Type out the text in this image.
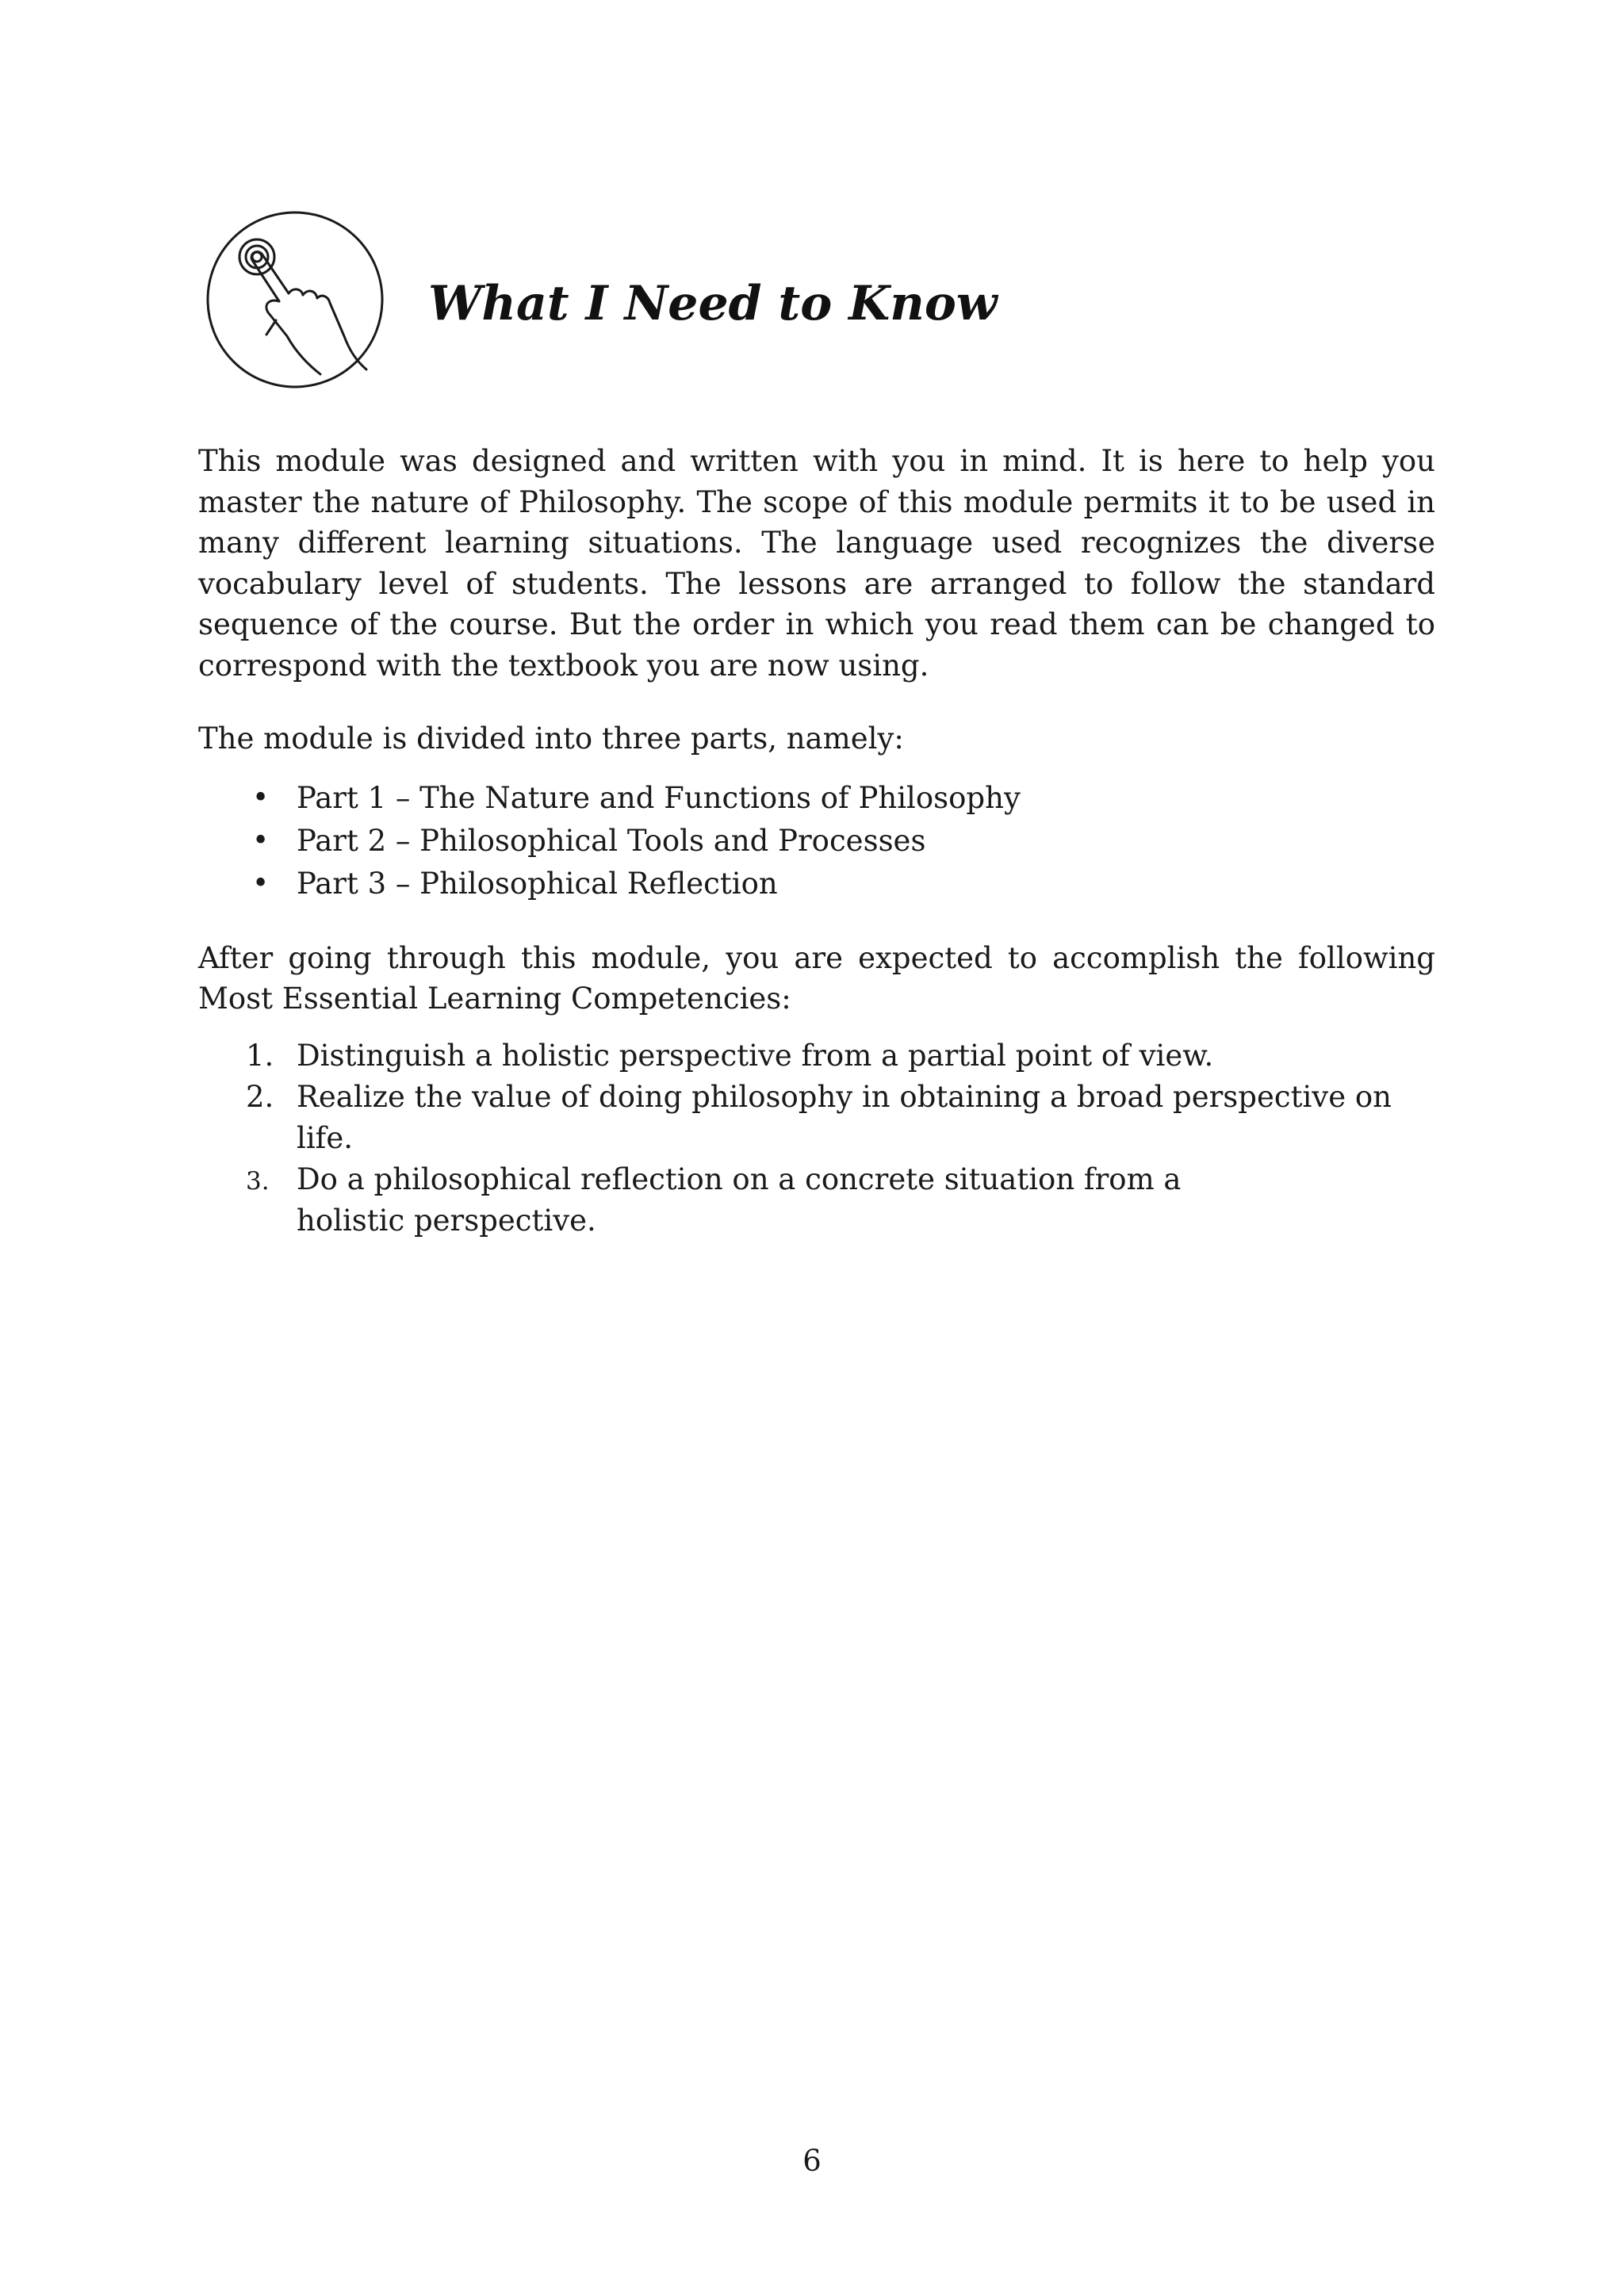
What I Need to Know

This module was designed and written with you in mind. It is here to help you master the nature of Philosophy. The scope of this module permits it to be used in many different learning situations. The language used recognizes the diverse vocabulary level of students. The lessons are arranged to follow the standard sequence of the course. But the order in which you read them can be changed to correspond with the textbook you are now using.

The module is divided into three parts, namely:

• Part 1 – The Nature and Functions of Philosophy
• Part 2 – Philosophical Tools and Processes
• Part 3 – Philosophical Reflection

After going through this module, you are expected to accomplish the following Most Essential Learning Competencies:

1. Distinguish a holistic perspective from a partial point of view.
2. Realize the value of doing philosophy in obtaining a broad perspective on life.
3. Do a philosophical reflection on a concrete situation from a holistic perspective.
6
